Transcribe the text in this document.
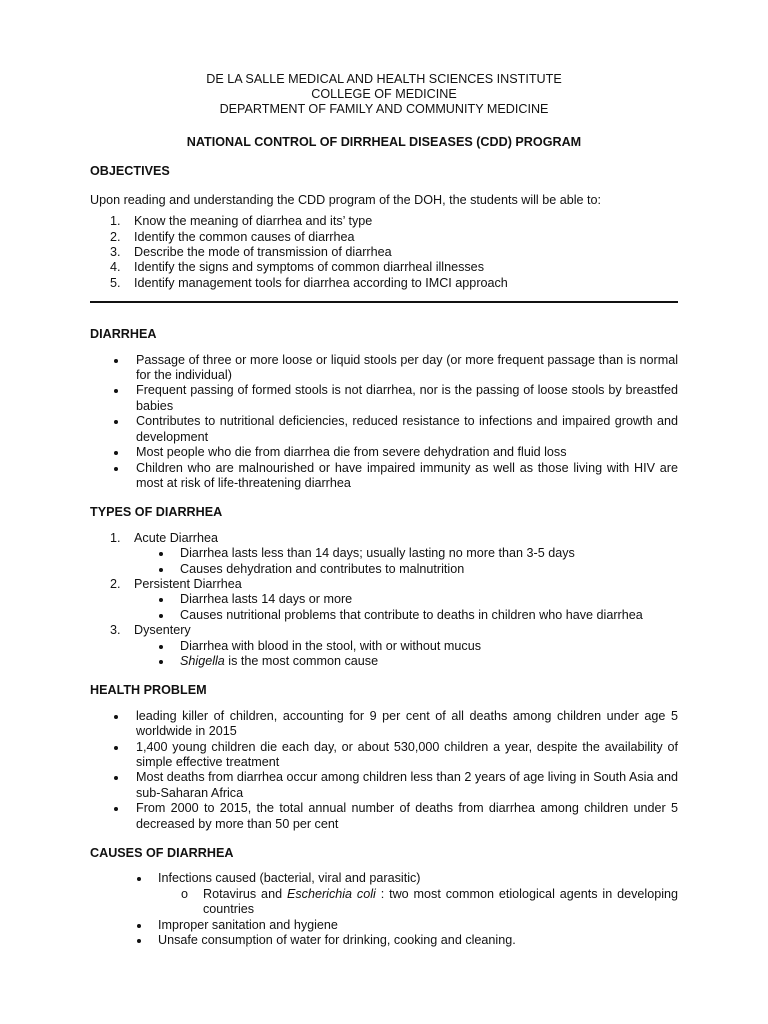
DE LA SALLE MEDICAL AND HEALTH SCIENCES INSTITUTE
COLLEGE OF MEDICINE
DEPARTMENT OF FAMILY AND COMMUNITY MEDICINE
NATIONAL CONTROL OF DIRRHEAL DISEASES (CDD) PROGRAM
OBJECTIVES
Upon reading and understanding the CDD program of the DOH, the students will be able to:
1. Know the meaning of diarrhea and its’ type
2. Identify the common causes of diarrhea
3. Describe the mode of transmission of diarrhea
4. Identify the signs and symptoms of common diarrheal illnesses
5. Identify management tools for diarrhea according to IMCI approach
DIARRHEA
Passage of three or more loose or liquid stools per day (or more frequent passage than is normal for the individual)
Frequent passing of formed stools is not diarrhea, nor is the passing of loose stools by breastfed babies
Contributes to nutritional deficiencies, reduced resistance to infections and impaired growth and development
Most people who die from diarrhea die from severe dehydration and fluid loss
Children who are malnourished or have impaired immunity as well as those living with HIV are most at risk of life-threatening diarrhea
TYPES OF DIARRHEA
1. Acute Diarrhea
Diarrhea lasts less than 14 days; usually lasting no more than 3-5 days
Causes dehydration and contributes to malnutrition
2. Persistent Diarrhea
Diarrhea lasts 14 days or more
Causes nutritional problems that contribute to deaths in children who have diarrhea
3. Dysentery
Diarrhea with blood in the stool, with or without mucus
Shigella is the most common cause
HEALTH PROBLEM
leading killer of children, accounting for 9 per cent of all deaths among children under age 5 worldwide in 2015
1,400 young children die each day, or about 530,000 children a year, despite the availability of simple effective treatment
Most deaths from diarrhea occur among children less than 2 years of age living in South Asia and sub-Saharan Africa
From 2000 to 2015, the total annual number of deaths from diarrhea among children under 5 decreased by more than 50 per cent
CAUSES OF DIARRHEA
Infections caused (bacterial, viral and parasitic)
o Rotavirus and Escherichia coli : two most common etiological agents in developing countries
Improper sanitation and hygiene
Unsafe consumption of water for drinking, cooking and cleaning.
